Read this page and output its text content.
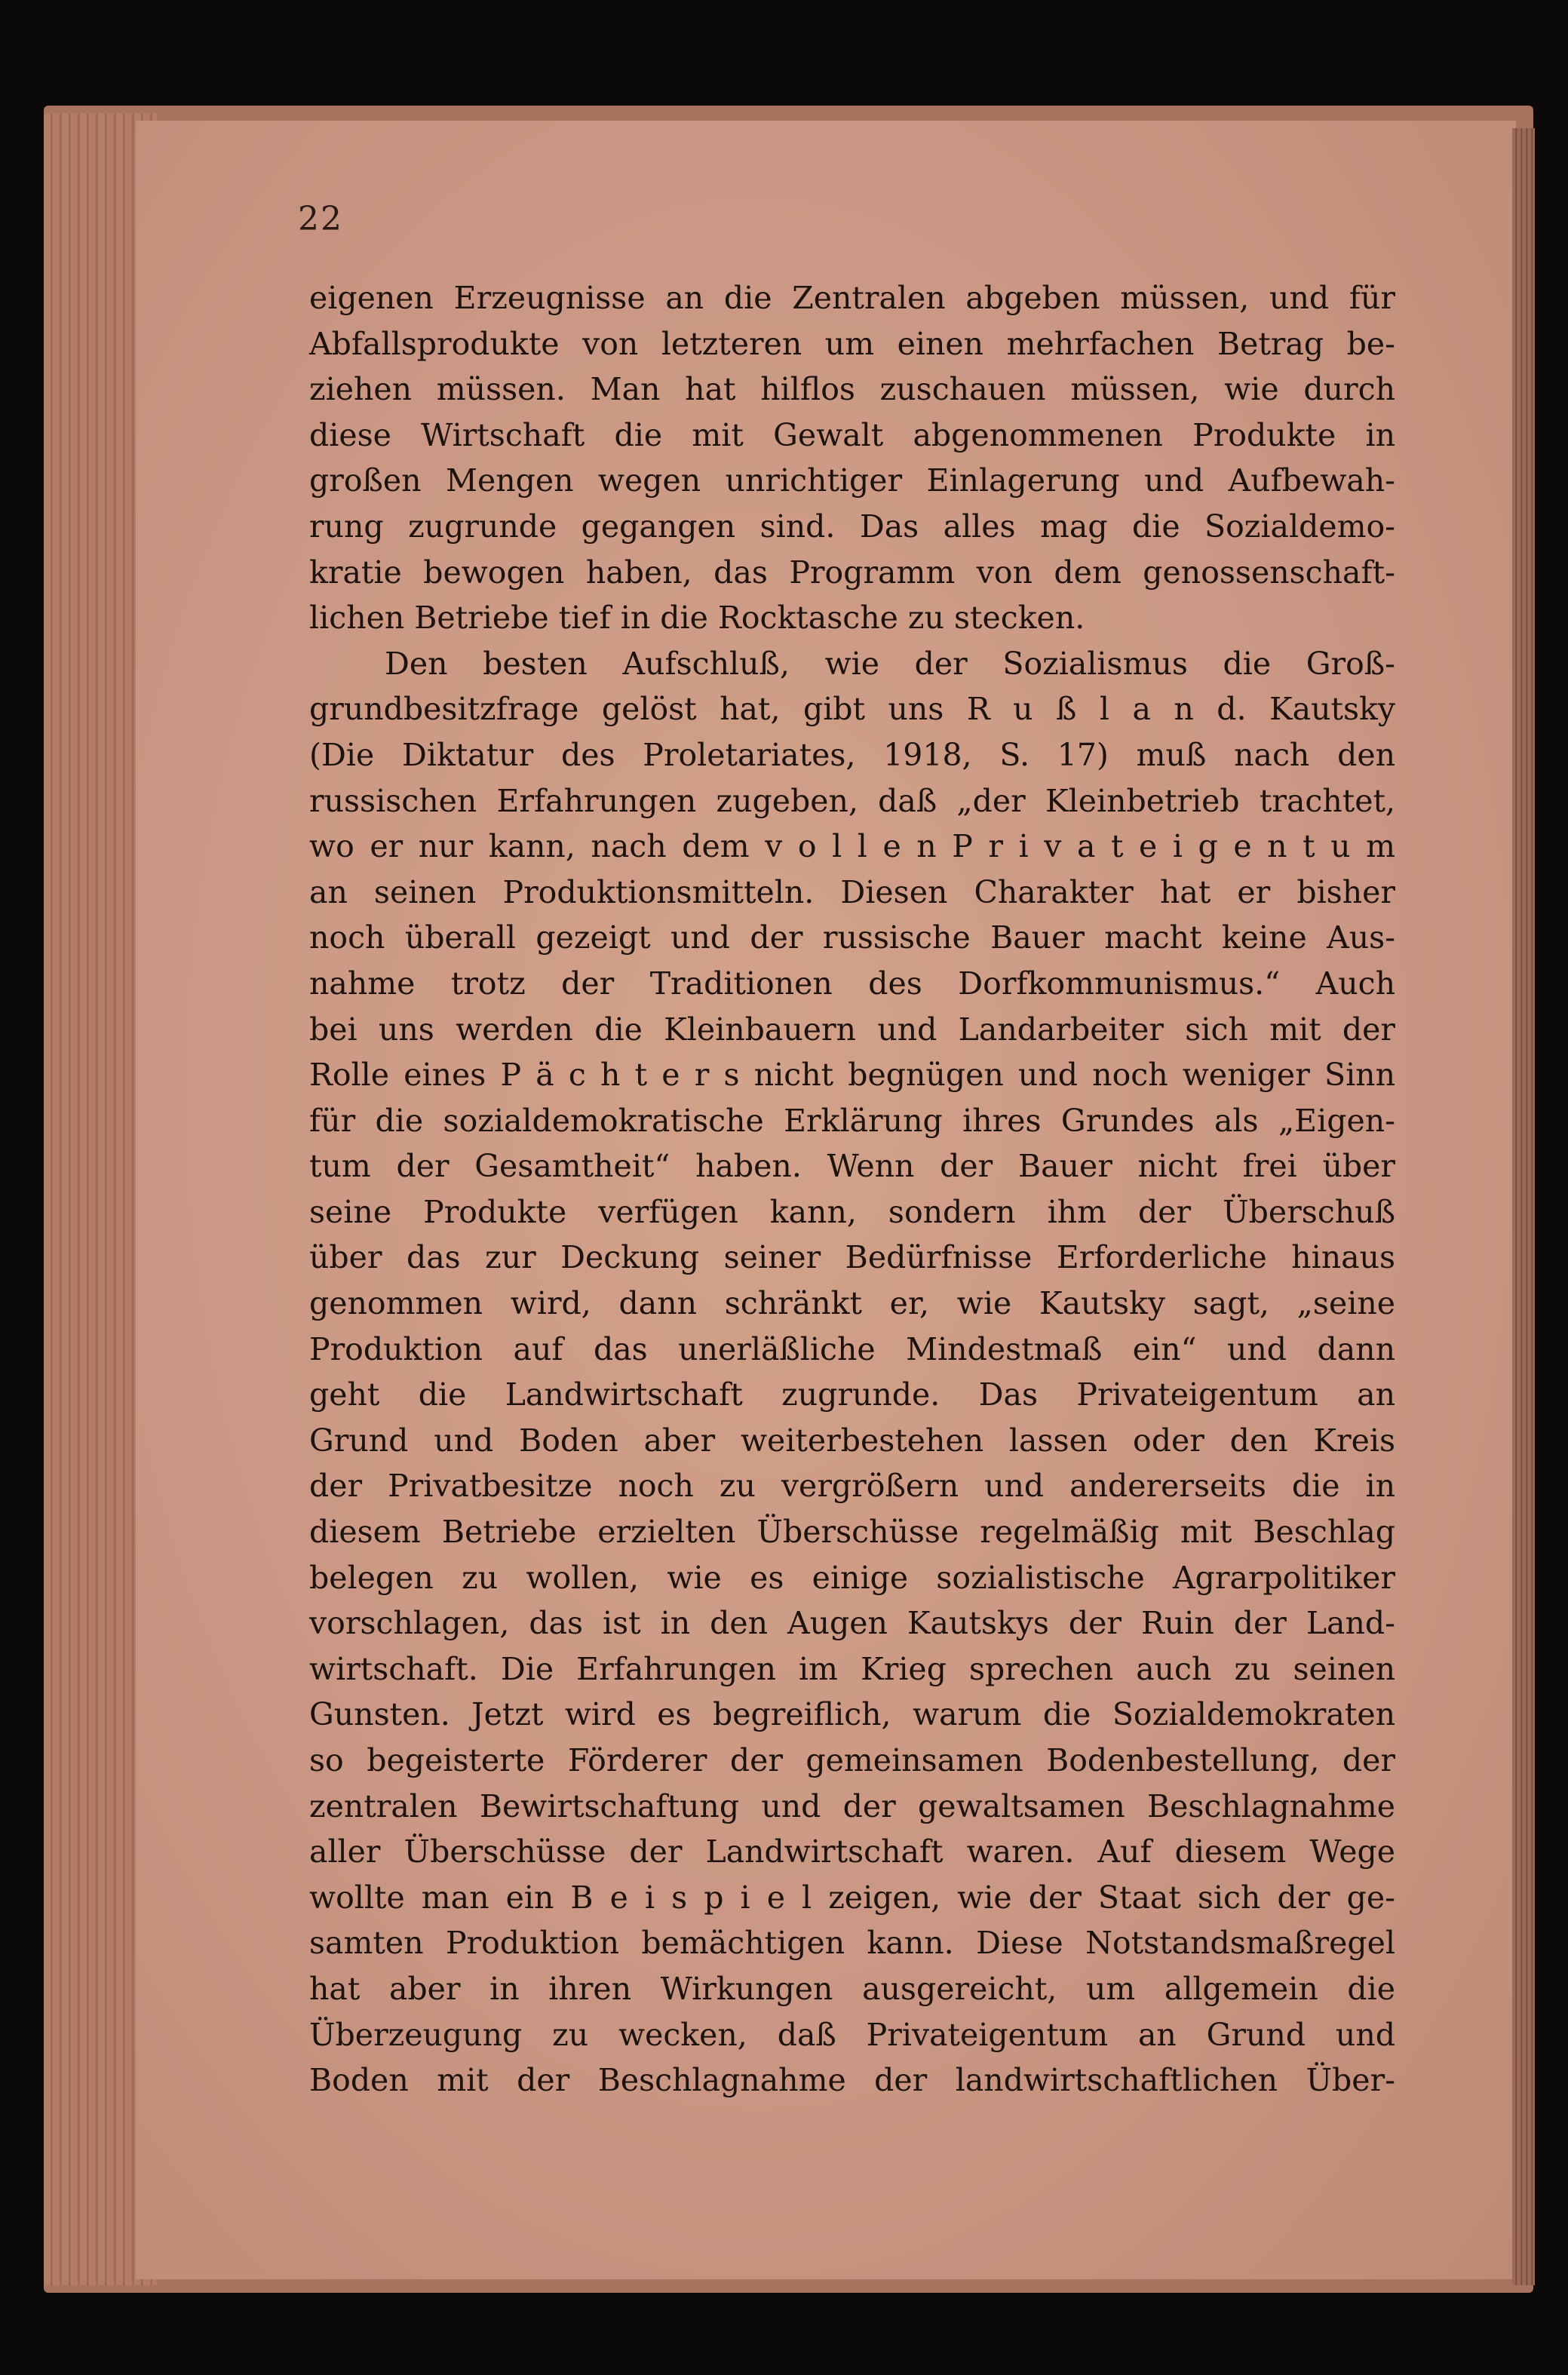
22
eigenen Erzeugnisse an die Zentralen abgeben müssen, und für
Abfallsprodukte von letzteren um einen mehrfachen Betrag be-
ziehen müssen. Man hat hilflos zuschauen müssen, wie durch
diese Wirtschaft die mit Gewalt abgenommenen Produkte in
großen Mengen wegen unrichtiger Einlagerung und Aufbewah-
rung zugrunde gegangen sind. Das alles mag die Sozialdemo-
kratie bewogen haben, das Programm von dem genossenschaft-
lichen Betriebe tief in die Rocktasche zu stecken.
Den besten Aufschluß, wie der Sozialismus die Groß-
grundbesitzfrage gelöst hat, gibt uns R u ß l a n d. Kautsky
(Die Diktatur des Proletariates, 1918, S. 17) muß nach den
russischen Erfahrungen zugeben, daß „der Kleinbetrieb trachtet,
wo er nur kann, nach dem v o l l e n P r i v a t e i g e n t u m
an seinen Produktionsmitteln. Diesen Charakter hat er bisher
noch überall gezeigt und der russische Bauer macht keine Aus-
nahme trotz der Traditionen des Dorfkommunismus.“ Auch
bei uns werden die Kleinbauern und Landarbeiter sich mit der
Rolle eines P ä c h t e r s nicht begnügen und noch weniger Sinn
für die sozialdemokratische Erklärung ihres Grundes als „Eigen-
tum der Gesamtheit“ haben. Wenn der Bauer nicht frei über
seine Produkte verfügen kann, sondern ihm der Überschuß
über das zur Deckung seiner Bedürfnisse Erforderliche hinaus
genommen wird, dann schränkt er, wie Kautsky sagt, „seine
Produktion auf das unerläßliche Mindestmaß ein“ und dann
geht die Landwirtschaft zugrunde. Das Privateigentum an
Grund und Boden aber weiterbestehen lassen oder den Kreis
der Privatbesitze noch zu vergrößern und andererseits die in
diesem Betriebe erzielten Überschüsse regelmäßig mit Beschlag
belegen zu wollen, wie es einige sozialistische Agrarpolitiker
vorschlagen, das ist in den Augen Kautskys der Ruin der Land-
wirtschaft. Die Erfahrungen im Krieg sprechen auch zu seinen
Gunsten. Jetzt wird es begreiflich, warum die Sozialdemokraten
so begeisterte Förderer der gemeinsamen Bodenbestellung, der
zentralen Bewirtschaftung und der gewaltsamen Beschlagnahme
aller Überschüsse der Landwirtschaft waren. Auf diesem Wege
wollte man ein B e i s p i e l zeigen, wie der Staat sich der ge-
samten Produktion bemächtigen kann. Diese Notstandsmaßregel
hat aber in ihren Wirkungen ausgereicht, um allgemein die
Überzeugung zu wecken, daß Privateigentum an Grund und
Boden mit der Beschlagnahme der landwirtschaftlichen Über-
